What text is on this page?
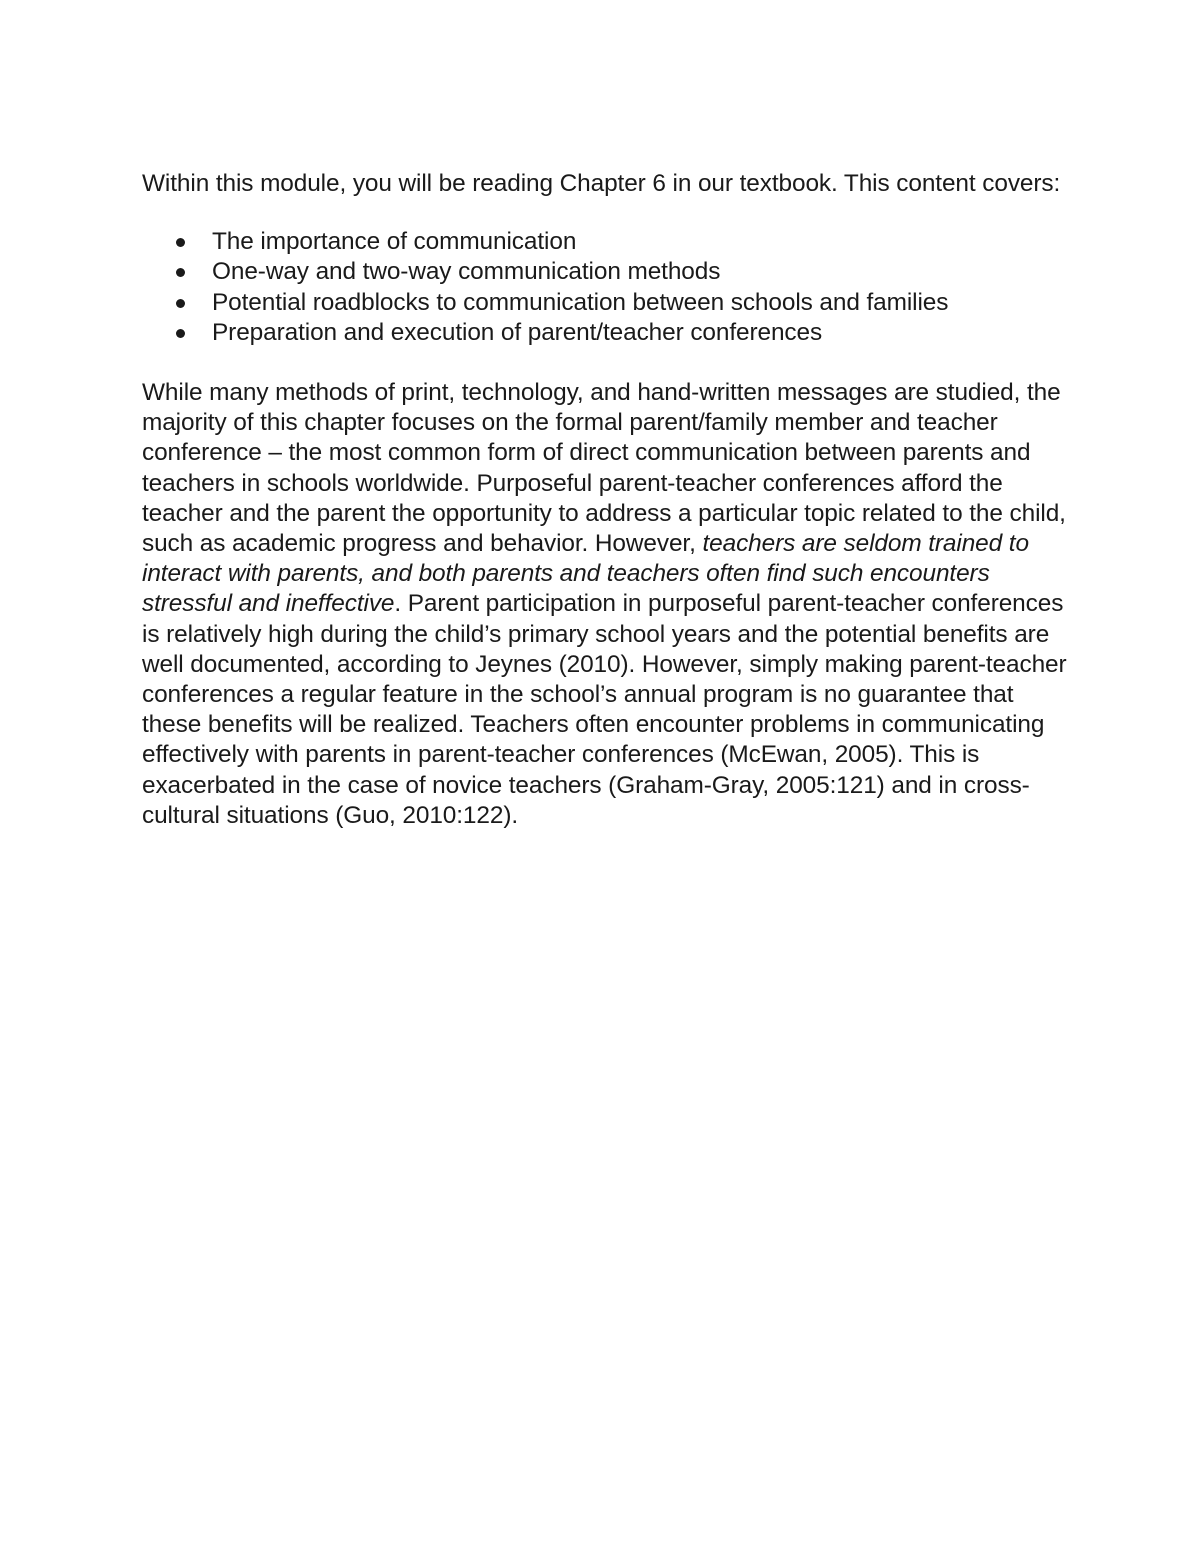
Within this module, you will be reading Chapter 6 in our textbook. This content covers:

The importance of communication
One-way and two-way communication methods
Potential roadblocks to communication between schools and families
Preparation and execution of parent/teacher conferences

While many methods of print, technology, and hand-written messages are studied, the majority of this chapter focuses on the formal parent/family member and teacher conference – the most common form of direct communication between parents and teachers in schools worldwide. Purposeful parent-teacher conferences afford the teacher and the parent the opportunity to address a particular topic related to the child, such as academic progress and behavior. However, teachers are seldom trained to interact with parents, and both parents and teachers often find such encounters stressful and ineffective. Parent participation in purposeful parent-teacher conferences is relatively high during the child’s primary school years and the potential benefits are well documented, according to Jeynes (2010). However, simply making parent-teacher conferences a regular feature in the school’s annual program is no guarantee that these benefits will be realized. Teachers often encounter problems in communicating effectively with parents in parent-teacher conferences (McEwan, 2005). This is exacerbated in the case of novice teachers (Graham-Gray, 2005:121) and in cross-cultural situations (Guo, 2010:122).
